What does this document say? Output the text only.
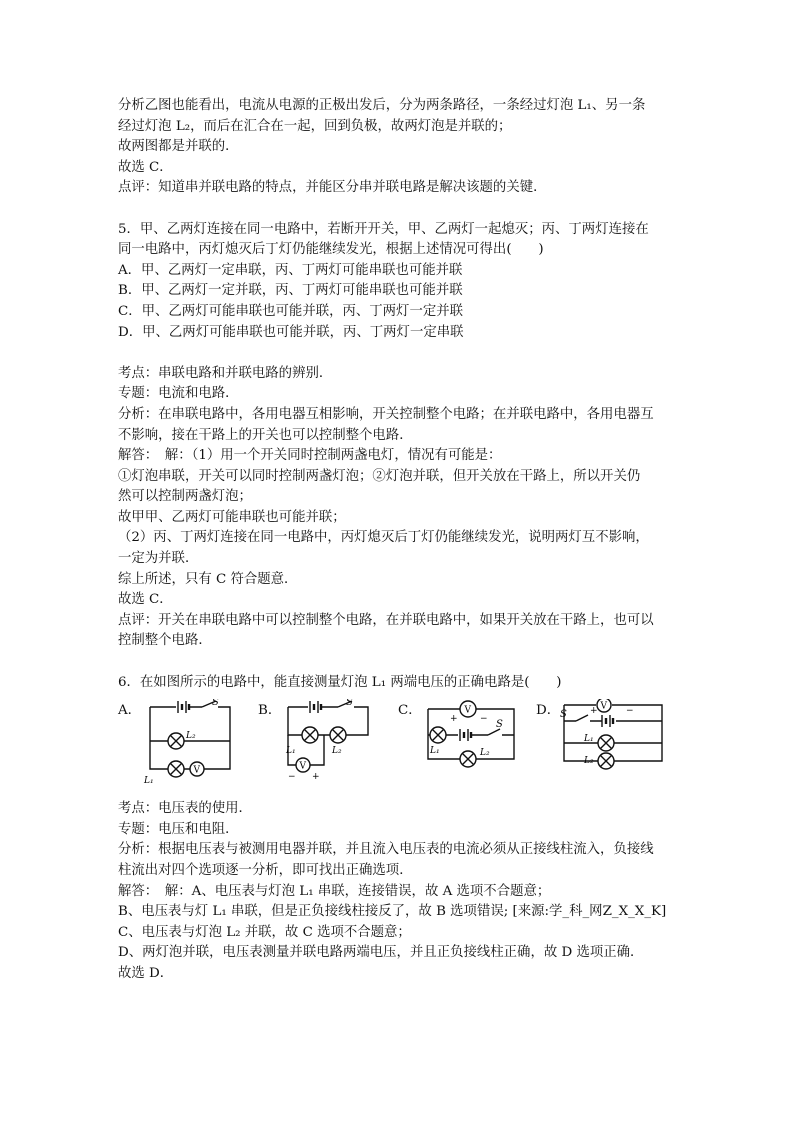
分析乙图也能看出，电流从电源的正极出发后，分为两条路径，一条经过灯泡 L₁、另一条
经过灯泡 L₂，而后在汇合在一起，回到负极，故两灯泡是并联的；
故两图都是并联的．
故选 C．
点评：知道串并联电路的特点，并能区分串并联电路是解决该题的关键．
5．甲、乙两灯连接在同一电路中，若断开开关，甲、乙两灯一起熄灭；丙、丁两灯连接在
同一电路中，丙灯熄灭后丁灯仍能继续发光，根据上述情况可得出(　　)
A．甲、乙两灯一定串联，丙、丁两灯可能串联也可能并联
B．甲、乙两灯一定并联，丙、丁两灯可能串联也可能并联
C．甲、乙两灯可能串联也可能并联，丙、丁两灯一定并联
D．甲、乙两灯可能串联也可能并联，丙、丁两灯一定串联
考点：串联电路和并联电路的辨别．
专题：电流和电路．
分析：在串联电路中，各用电器互相影响，开关控制整个电路；在并联电路中，各用电器互
不影响，接在干路上的开关也可以控制整个电路．
解答：　解：（1）用一个开关同时控制两盏电灯，情况有可能是：
①灯泡串联，开关可以同时控制两盏灯泡；②灯泡并联，但开关放在干路上，所以开关仍
然可以控制两盏灯泡；
故甲甲、乙两灯可能串联也可能并联；
（2）丙、丁两灯连接在同一电路中，丙灯熄灭后丁灯仍能继续发光，说明两灯互不影响，
一定为并联．
综上所述，只有 C 符合题意．
故选 C．
点评：开关在串联电路中可以控制整个电路，在并联电路中，如果开关放在干路上，也可以
控制整个电路．
6．在如图所示的电路中，能直接测量灯泡 L₁ 两端电压的正确电路是(　　)
A．
S
L₂
L₁
V
B．
S
L₁	L₂
V
− +
C．	V
+ − S
L₁	L₂
D．	V −
+
S
L₁
L₂
考点：电压表的使用．
专题：电压和电阻．
分析：根据电压表与被测用电器并联，并且流入电压表的电流必须从正接线柱流入，负接线
柱流出对四个选项逐一分析，即可找出正确选项．
解答：　解：A、电压表与灯泡 L₁ 串联，连接错误，故 A 选项不合题意；
B、电压表与灯 L₁ 串联，但是正负接线柱接反了，故 B 选项错误; [来源:学_科_网Z_X_X_K]
C、电压表与灯泡 L₂ 并联，故 C 选项不合题意；
D、两灯泡并联，电压表测量并联电路两端电压，并且正负接线柱正确，故 D 选项正确．
故选 D．
